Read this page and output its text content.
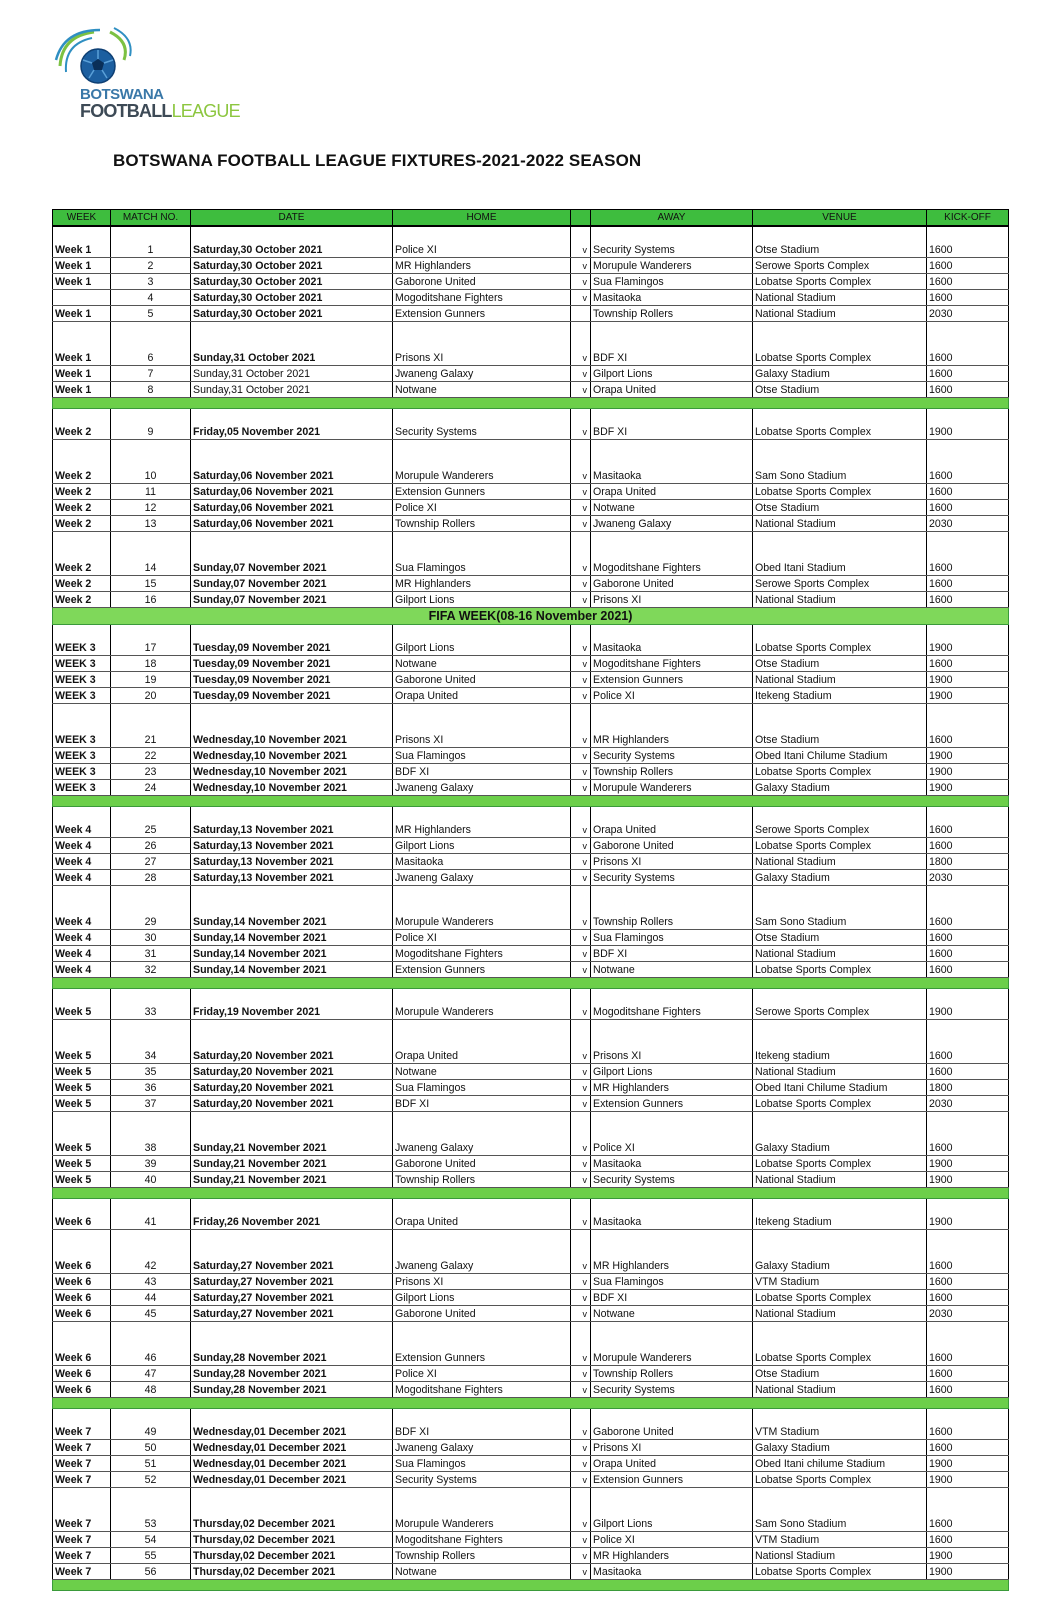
BOTSWANA
FOOTBALLLEAGUE
BOTSWANA FOOTBALL LEAGUE FIXTURES-2021-2022 SEASON
WEEK	MATCH NO.	DATE	HOME		AWAY	VENUE	KICK-OFF

Week 1	1	Saturday,30 October 2021	Police XI	v	Security Systems	Otse Stadium	1600
Week 1	2	Saturday,30 October 2021	MR Highlanders	v	Morupule Wanderers	Serowe Sports Complex	1600
Week 1	3	Saturday,30 October 2021	Gaborone United	v	Sua Flamingos	Lobatse Sports Complex	1600
	4	Saturday,30 October 2021	Mogoditshane Fighters	v	Masitaoka	National Stadium	1600
Week 1	5	Saturday,30 October 2021	Extension Gunners		Township Rollers	National Stadium	2030

Week 1	6	Sunday,31 October 2021	Prisons XI	v	BDF XI	Lobatse Sports Complex	1600
Week 1	7	Sunday,31 October 2021	Jwaneng Galaxy	v	Gilport Lions	Galaxy Stadium	1600
Week 1	8	Sunday,31 October 2021	Notwane	v	Orapa United	Otse Stadium	1600

Week 2	9	Friday,05 November 2021	Security Systems	v	BDF XI	Lobatse Sports Complex	1900

Week 2	10	Saturday,06 November 2021	Morupule Wanderers	v	Masitaoka	Sam Sono Stadium	1600
Week 2	11	Saturday,06 November 2021	Extension Gunners	v	Orapa United	Lobatse Sports Complex	1600
Week 2	12	Saturday,06 November 2021	Police XI	v	Notwane	Otse Stadium	1600
Week 2	13	Saturday,06 November 2021	Township Rollers	v	Jwaneng Galaxy	National Stadium	2030

Week 2	14	Sunday,07 November 2021	Sua Flamingos	v	Mogoditshane Fighters	Obed Itani Stadium	1600
Week 2	15	Sunday,07 November 2021	MR Highlanders	v	Gaborone United	Serowe Sports Complex	1600
Week 2	16	Sunday,07 November 2021	Gilport Lions	v	Prisons XI	National Stadium	1600
FIFA WEEK(08-16 November 2021)							

WEEK 3	17	Tuesday,09 November 2021	Gilport Lions	v	Masitaoka	Lobatse Sports Complex	1900
WEEK 3	18	Tuesday,09 November 2021	Notwane	v	Mogoditshane Fighters	Otse Stadium	1600
WEEK 3	19	Tuesday,09 November 2021	Gaborone United	v	Extension Gunners	National Stadium	1900
WEEK 3	20	Tuesday,09 November 2021	Orapa United	v	Police XI	Itekeng Stadium	1900

WEEK 3	21	Wednesday,10 November 2021	Prisons XI	v	MR Highlanders	Otse Stadium	1600
WEEK 3	22	Wednesday,10 November 2021	Sua Flamingos	v	Security Systems	Obed Itani Chilume Stadium	1900
WEEK 3	23	Wednesday,10 November 2021	BDF XI	v	Township Rollers	Lobatse Sports Complex	1900
WEEK 3	24	Wednesday,10 November 2021	Jwaneng Galaxy	v	Morupule Wanderers	Galaxy Stadium	1900

Week 4	25	Saturday,13 November 2021	MR Highlanders	v	Orapa United	Serowe Sports Complex	1600
Week 4	26	Saturday,13 November 2021	Gilport Lions	v	Gaborone United	Lobatse Sports Complex	1600
Week 4	27	Saturday,13 November 2021	Masitaoka	v	Prisons XI	National Stadium	1800
Week 4	28	Saturday,13 November 2021	Jwaneng Galaxy	v	Security Systems	Galaxy Stadium	2030

Week 4	29	Sunday,14 November 2021	Morupule Wanderers	v	Township Rollers	Sam Sono Stadium	1600
Week 4	30	Sunday,14 November 2021	Police XI	v	Sua Flamingos	Otse Stadium	1600
Week 4	31	Sunday,14 November 2021	Mogoditshane Fighters	v	BDF XI	National Stadium	1600
Week 4	32	Sunday,14 November 2021	Extension Gunners	v	Notwane	Lobatse Sports Complex	1600

Week 5	33	Friday,19 November 2021	Morupule Wanderers	v	Mogoditshane Fighters	Serowe Sports Complex	1900

Week 5	34	Saturday,20 November 2021	Orapa United	v	Prisons XI	Itekeng stadium	1600
Week 5	35	Saturday,20 November 2021	Notwane	v	Gilport Lions	National Stadium	1600
Week 5	36	Saturday,20 November 2021	Sua Flamingos	v	MR Highlanders	Obed Itani Chilume Stadium	1800
Week 5	37	Saturday,20 November 2021	BDF XI	v	Extension Gunners	Lobatse Sports Complex	2030

Week 5	38	Sunday,21 November 2021	Jwaneng Galaxy	v	Police XI	Galaxy Stadium	1600
Week 5	39	Sunday,21 November 2021	Gaborone United	v	Masitaoka	Lobatse Sports Complex	1900
Week 5	40	Sunday,21 November 2021	Township Rollers	v	Security Systems	National Stadium	1900

Week 6	41	Friday,26 November 2021	Orapa United	v	Masitaoka	Itekeng Stadium	1900

Week 6	42	Saturday,27 November 2021	Jwaneng Galaxy	v	MR Highlanders	Galaxy Stadium	1600
Week 6	43	Saturday,27 November 2021	Prisons XI	v	Sua Flamingos	VTM Stadium	1600
Week 6	44	Saturday,27 November 2021	Gilport Lions	v	BDF XI	Lobatse Sports Complex	1600
Week 6	45	Saturday,27 November 2021	Gaborone United	v	Notwane	National Stadium	2030

Week 6	46	Sunday,28 November 2021	Extension Gunners	v	Morupule Wanderers	Lobatse Sports Complex	1600
Week 6	47	Sunday,28 November 2021	Police XI	v	Township Rollers	Otse Stadium	1600
Week 6	48	Sunday,28 November 2021	Mogoditshane Fighters	v	Security Systems	National Stadium	1600

Week 7	49	Wednesday,01 December 2021	BDF XI	v	Gaborone United	VTM Stadium	1600
Week 7	50	Wednesday,01 December 2021	Jwaneng Galaxy	v	Prisons XI	Galaxy Stadium	1600
Week 7	51	Wednesday,01 December 2021	Sua Flamingos	v	Orapa United	Obed Itani chilume Stadium	1900
Week 7	52	Wednesday,01 December 2021	Security Systems	v	Extension Gunners	Lobatse Sports Complex	1900

Week 7	53	Thursday,02 December 2021	Morupule Wanderers	v	Gilport Lions	Sam Sono Stadium	1600
Week 7	54	Thursday,02 December 2021	Mogoditshane Fighters	v	Police XI	VTM Stadium	1600
Week 7	55	Thursday,02 December 2021	Township Rollers	v	MR Highlanders	Nationsl Stadium	1900
Week 7	56	Thursday,02 December 2021	Notwane	v	Masitaoka	Lobatse Sports Complex	1900
